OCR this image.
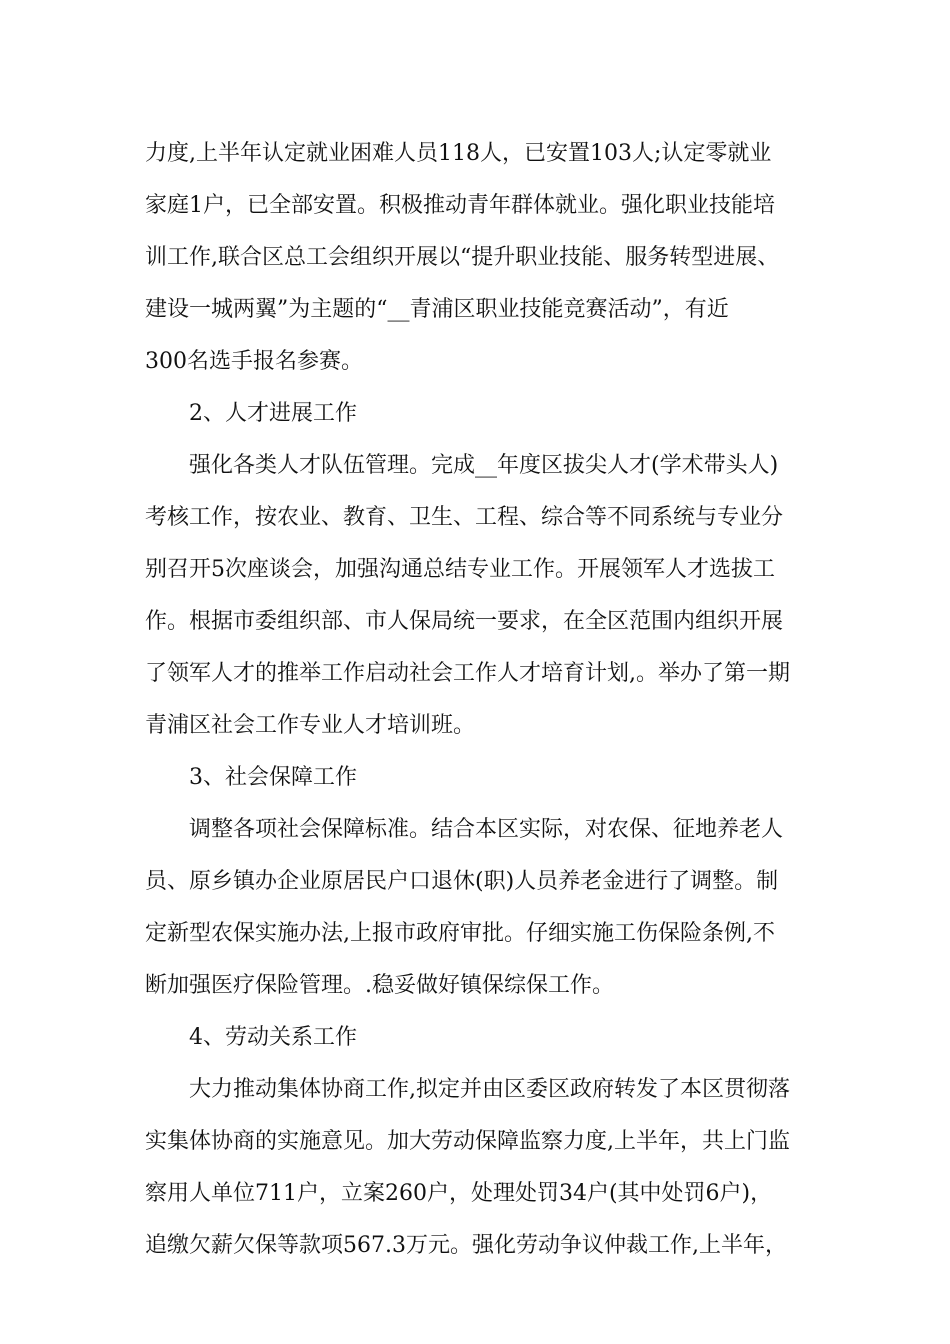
力度,上半年认定就业困难人员118人，已安置103人;认定零就业
家庭1户，已全部安置。积极推动青年群体就业。强化职业技能培
训工作,联合区总工会组织开展以“提升职业技能、服务转型进展、
建设一城两翼”为主题的“__青浦区职业技能竞赛活动”，有近
300名选手报名参赛。
2、人才进展工作
强化各类人才队伍管理。完成__年度区拔尖人才(学术带头人)
考核工作，按农业、教育、卫生、工程、综合等不同系统与专业分
别召开5次座谈会，加强沟通总结专业工作。开展领军人才选拔工
作。根据市委组织部、市人保局统一要求，在全区范围内组织开展
了领军人才的推举工作启动社会工作人才培育计划,。举办了第一期
青浦区社会工作专业人才培训班。
3、社会保障工作
调整各项社会保障标准。结合本区实际，对农保、征地养老人
员、原乡镇办企业原居民户口退休(职)人员养老金进行了调整。制
定新型农保实施办法,上报市政府审批。仔细实施工伤保险条例,不
断加强医疗保险管理。.稳妥做好镇保综保工作。
4、劳动关系工作
大力推动集体协商工作,拟定并由区委区政府转发了本区贯彻落
实集体协商的实施意见。加大劳动保障监察力度,上半年，共上门监
察用人单位711户，立案260户，处理处罚34户(其中处罚6户)，
追缴欠薪欠保等款项567.3万元。强化劳动争议仲裁工作,上半年，
